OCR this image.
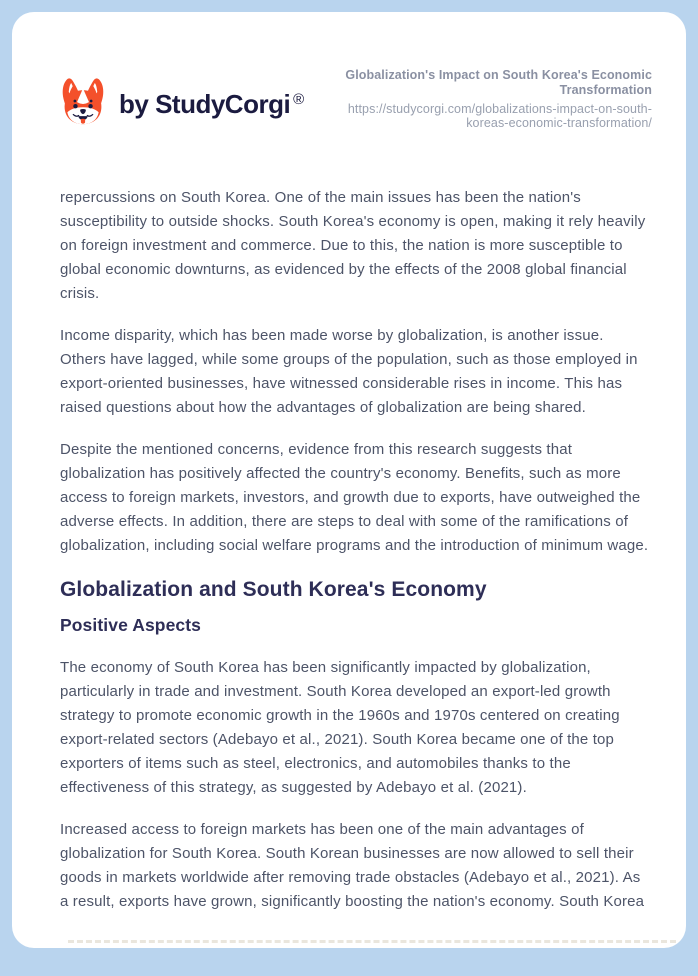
by StudyCorgi ®
Globalization's Impact on South Korea's Economic Transformation
https://studycorgi.com/globalizations-impact-on-south-koreas-economic-transformation/

repercussions on South Korea. One of the main issues has been the nation's susceptibility to outside shocks. South Korea's economy is open, making it rely heavily on foreign investment and commerce. Due to this, the nation is more susceptible to global economic downturns, as evidenced by the effects of the 2008 global financial crisis.

Income disparity, which has been made worse by globalization, is another issue. Others have lagged, while some groups of the population, such as those employed in export-oriented businesses, have witnessed considerable rises in income. This has raised questions about how the advantages of globalization are being shared.

Despite the mentioned concerns, evidence from this research suggests that globalization has positively affected the country's economy. Benefits, such as more access to foreign markets, investors, and growth due to exports, have outweighed the adverse effects. In addition, there are steps to deal with some of the ramifications of globalization, including social welfare programs and the introduction of minimum wage.

Globalization and South Korea's Economy
Positive Aspects

The economy of South Korea has been significantly impacted by globalization, particularly in trade and investment. South Korea developed an export-led growth strategy to promote economic growth in the 1960s and 1970s centered on creating export-related sectors (Adebayo et al., 2021). South Korea became one of the top exporters of items such as steel, electronics, and automobiles thanks to the effectiveness of this strategy, as suggested by Adebayo et al. (2021).

Increased access to foreign markets has been one of the main advantages of globalization for South Korea. South Korean businesses are now allowed to sell their goods in markets worldwide after removing trade obstacles (Adebayo et al., 2021). As a result, exports have grown, significantly boosting the nation's economy. South Korea
